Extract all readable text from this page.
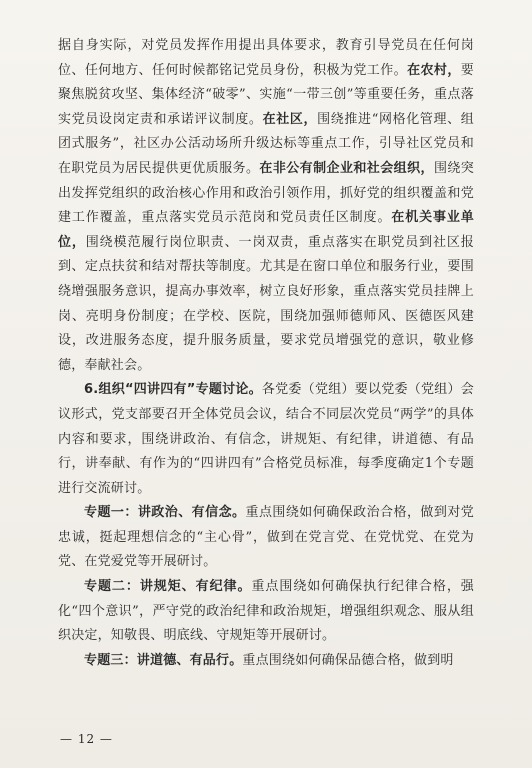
据自身实际，对党员发挥作用提出具体要求，教育引导党员在任何岗位、任何地方、任何时候都铭记党员身份，积极为党工作。在农村，要聚焦脱贫攻坚、集体经济“破零”、实施“一带三创”等重要任务，重点落实党员设岗定责和承诺评议制度。在社区，围绕推进“网格化管理、组团式服务”，社区办公活动场所升级达标等重点工作，引导社区党员和在职党员为居民提供更优质服务。在非公有制企业和社会组织，围绕突出发挥党组织的政治核心作用和政治引领作用，抓好党的组织覆盖和党建工作覆盖，重点落实党员示范岗和党员责任区制度。在机关事业单位，围绕模范履行岗位职责、一岗双责，重点落实在职党员到社区报到、定点扶贫和结对帮扶等制度。尤其是在窗口单位和服务行业，要围绕增强服务意识，提高办事效率，树立良好形象，重点落实党员挂牌上岗、亮明身份制度；在学校、医院，围绕加强师德师风、医德医风建设，改进服务态度，提升服务质量，要求党员增强党的意识，敬业修德，奉献社会。

6.组织“四讲四有”专题讨论。各党委（党组）要以党委（党组）会议形式，党支部要召开全体党员会议，结合不同层次党员“两学”的具体内容和要求，围绕讲政治、有信念，讲规矩、有纪律，讲道德、有品行，讲奉献、有作为的“四讲四有”合格党员标准，每季度确定1个专题进行交流研讨。

专题一：讲政治、有信念。重点围绕如何确保政治合格，做到对党忠诚，挺起理想信念的“主心骨”，做到在党言党、在党忧党、在党为党、在党爱党等开展研讨。

专题二：讲规矩、有纪律。重点围绕如何确保执行纪律合格，强化“四个意识”，严守党的政治纪律和政治规矩，增强组织观念、服从组织决定，知敬畏、明底线、守规矩等开展研讨。

专题三：讲道德、有品行。重点围绕如何确保品德合格，做到明

— 12 —
